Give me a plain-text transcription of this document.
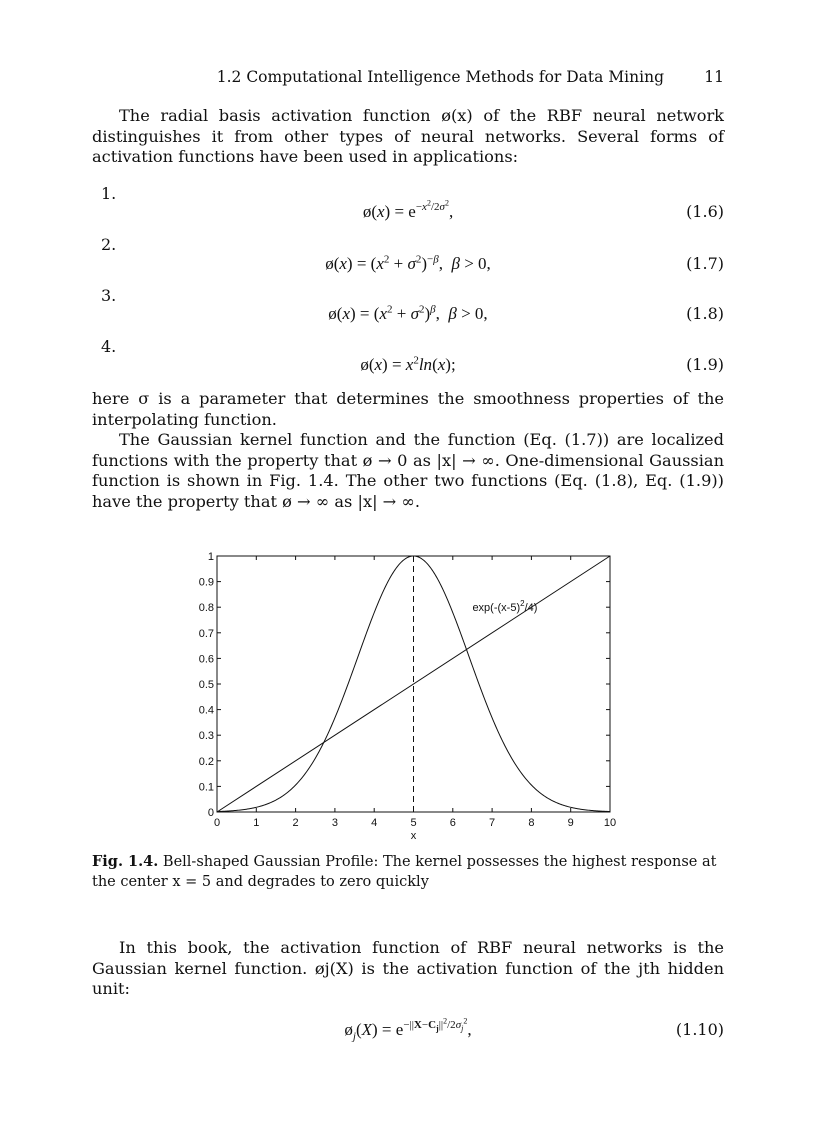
1.2 Computational Intelligence Methods for Data Mining	11

The radial basis activation function ø(x) of the RBF neural network distinguishes it from other types of neural networks. Several forms of activation functions have been used in applications:

1.
ø(x) = $e^{-x^2/2\sigma^2}$,	(1.6)
2.
ø(x) = $(x^2 + \sigma^2)^{-\beta}$,  β > 0,	(1.7)
3.
ø(x) = $(x^2 + \sigma^2)^\beta$,  β > 0,	(1.8)
4.
ø(x) = $x^2\ln(x)$;	(1.9)

here σ is a parameter that determines the smoothness properties of the interpolating function.

The Gaussian kernel function and the function (Eq. (1.7)) are localized functions with the property that ø → 0 as |x| → ∞. One-dimensional Gaussian function is shown in Fig. 1.4. The other two functions (Eq. (1.8), Eq. (1.9)) have the property that ø → ∞ as |x| → ∞.

0	1	2	3	4	5	6	7	8	9	10
0
0.1
0.2
0.3
0.4
0.5
0.6
0.7
0.8
0.9
1
x
$\exp(-(x-5)^2/4)$
Fig. 1.4. Bell-shaped Gaussian Profile: The kernel possesses the highest response at the center x = 5 and degrades to zero quickly

In this book, the activation function of RBF neural networks is the Gaussian kernel function. øj(X) is the activation function of the jth hidden unit:

$ø_j(X) = e^{-||X-C_j||^2/2\sigma_j^2}$,	(1.10)
